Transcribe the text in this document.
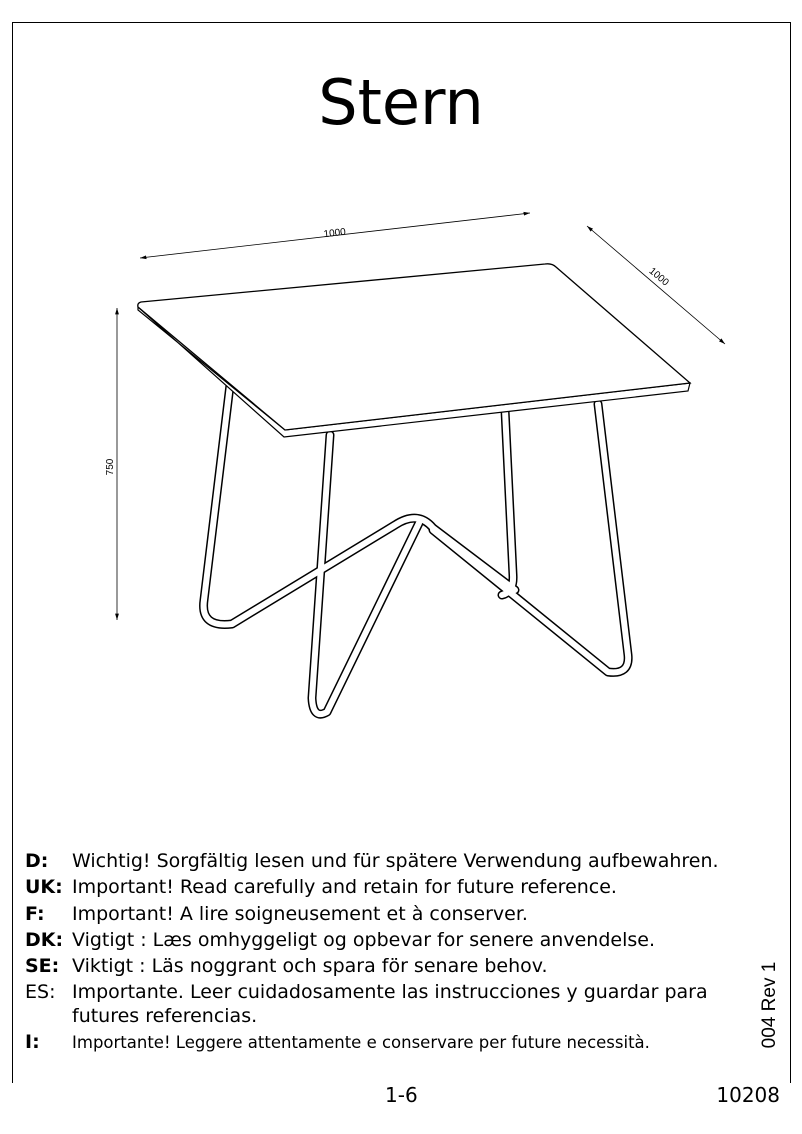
Stern
1000
1000
750
D: Wichtig! Sorgfältig lesen und für spätere Verwendung aufbewahren.
UK: Important! Read carefully and retain for future reference.
F: Important! A lire soigneusement et à conserver.
DK: Vigtigt : Læs omhyggeligt og opbevar for senere anvendelse.
SE: Viktigt : Läs noggrant och spara för senare behov.
ES: Importante. Leer cuidadosamente las instrucciones y guardar para
futures referencias.
I: Importante! Leggere attentamente e conservare per future necessità.	004 Rev 1
1-6	10208
